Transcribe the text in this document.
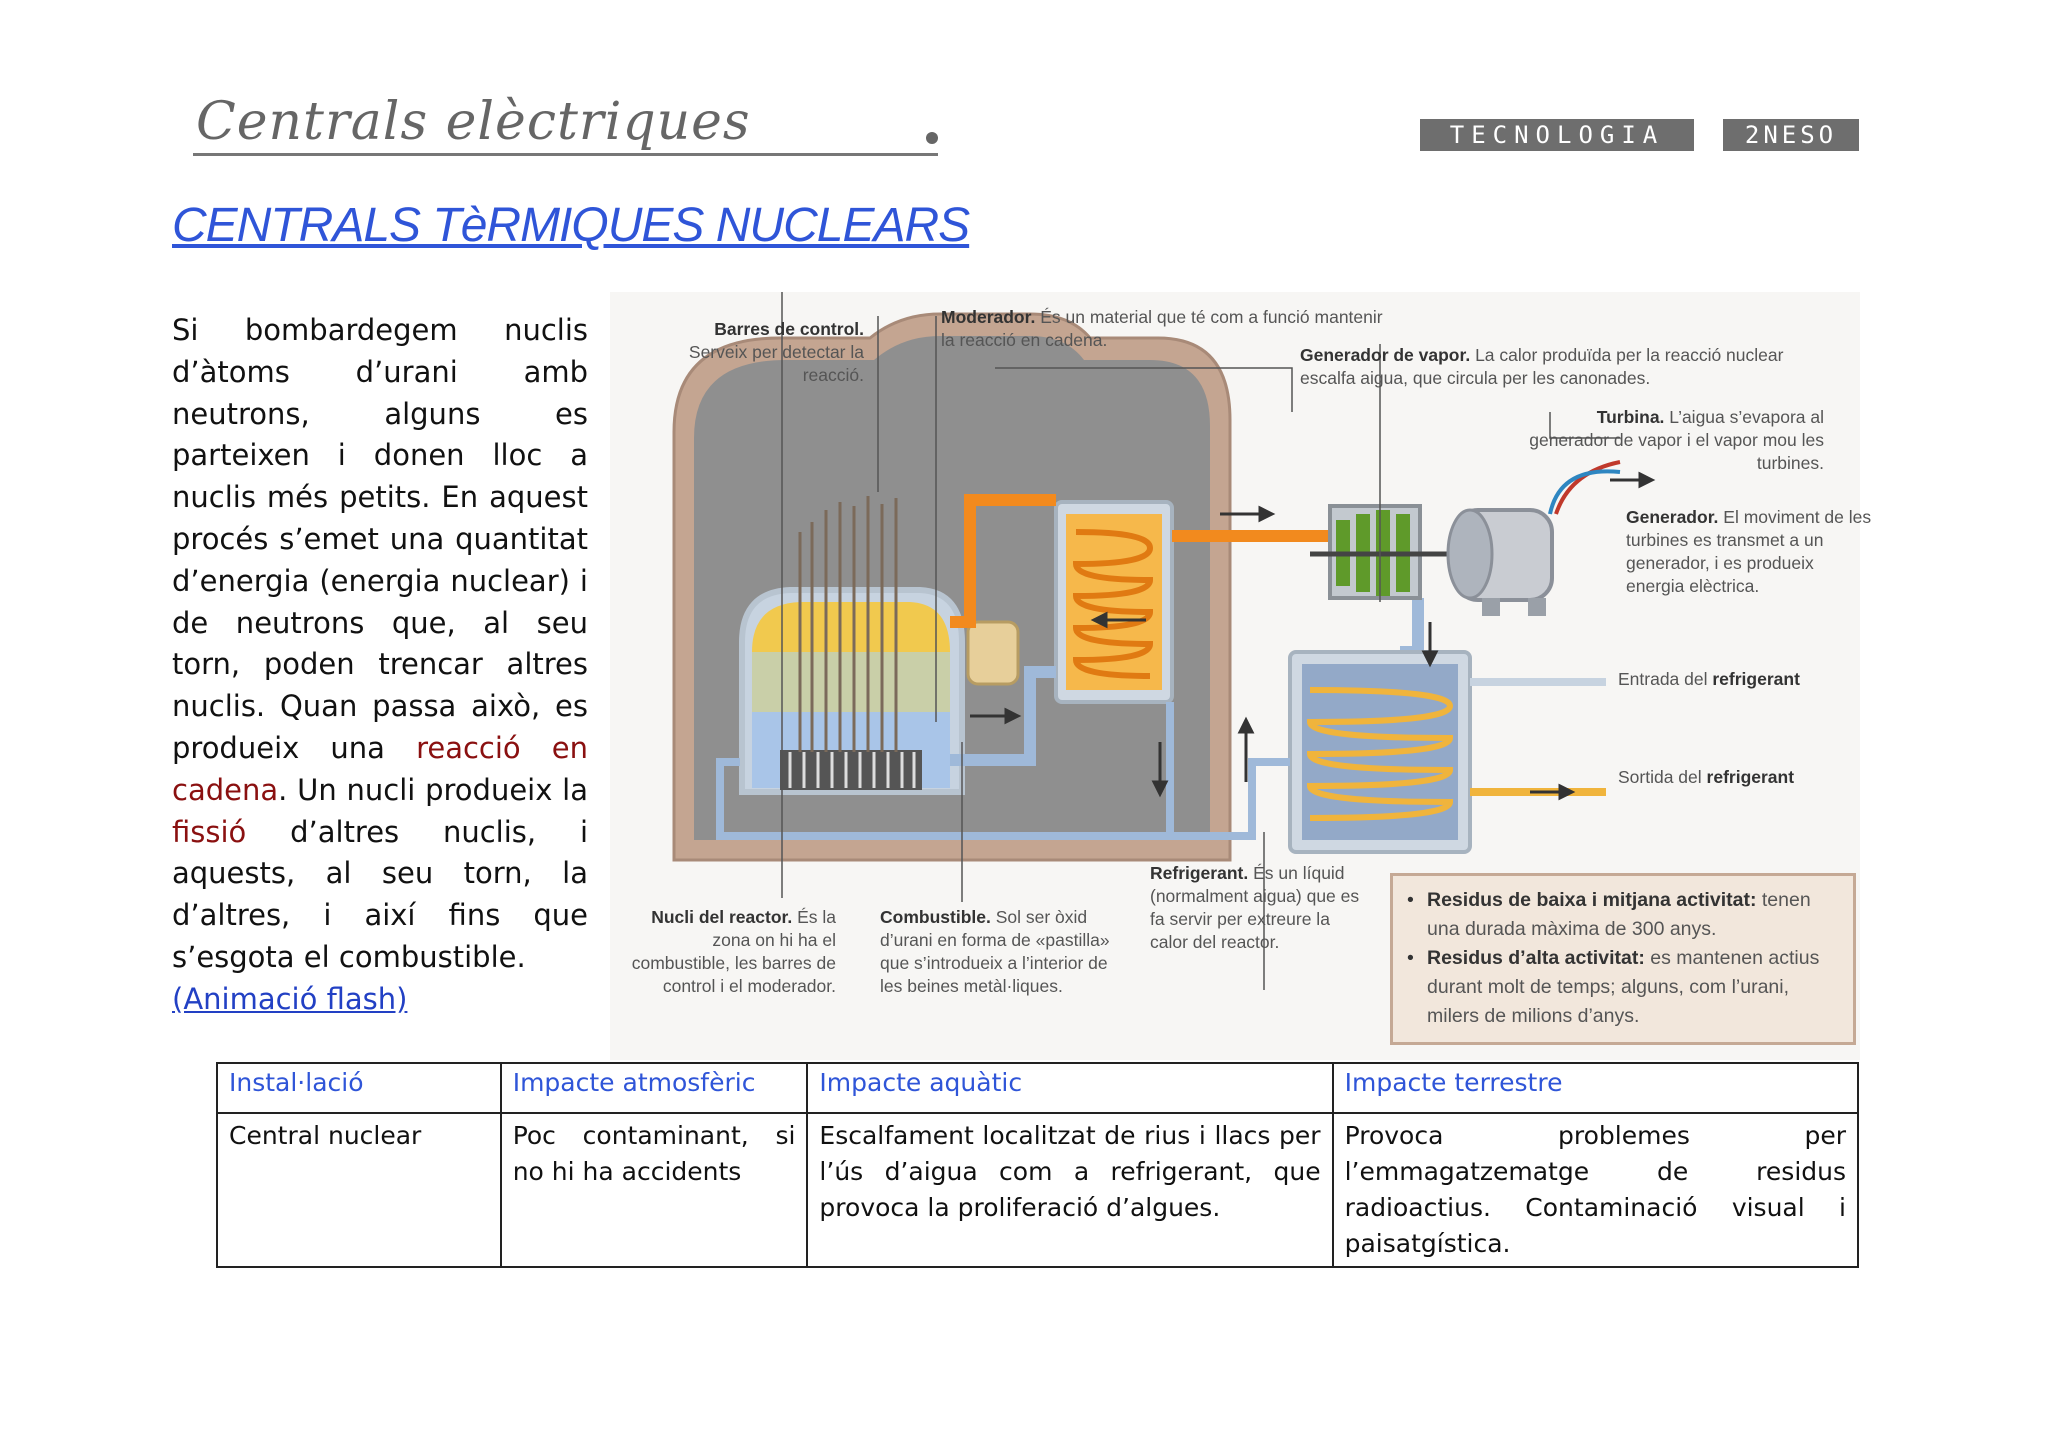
Centrals elèctriques	TECNOLOGIA	2NESO
CENTRALS TèRMIQUES NUCLEARS
Si bombardegem nuclis d’àtoms d’urani amb neutrons, alguns es parteixen i donen lloc a nuclis més petits. En aquest procés s’emet una quantitat d’energia (energia nuclear) i de neutrons que, al seu torn, poden trencar altres nuclis. Quan passa això, es produeix una reacció en cadena. Un nucli produeix la fissió d’altres nuclis, i aquests, al seu torn, la d’altres, i així fins que s’esgota el combustible.
(Animació flash)
Barres de control. Serveix per detectar la reacció.
Moderador. És un material que té com a funció mantenir la reacció en cadena.
Generador de vapor. La calor produïda per la reacció nuclear escalfa aigua, que circula per les canonades.
Turbina. L’aigua s’evapora al generador de vapor i el vapor mou les turbines.
Generador. El moviment de les turbines es transmet a un generador, i es produeix energia elèctrica.
Entrada del refrigerant
Sortida del refrigerant
Nucli del reactor. És la zona on hi ha el combustible, les barres de control i el moderador.
Combustible. Sol ser òxid d’urani en forma de «pastilla» que s’introdueix a l’interior de les beines metàl·liques.
Refrigerant. És un líquid (normalment aigua) que es fa servir per extreure la calor del reactor.
• Residus de baixa i mitjana activitat: tenen una durada màxima de 300 anys.
• Residus d’alta activitat: es mantenen actius durant molt de temps; alguns, com l’urani, milers de milions d’anys.
Instal·lació	Impacte atmosfèric	Impacte aquàtic	Impacte terrestre
Central nuclear	Poc contaminant, si no hi ha accidents	Escalfament localitzat de rius i llacs per l’ús d’aigua com a refrigerant, que provoca la proliferació d’algues.	Provoca problemes per l’emmagatzematge de residus radioactius. Contaminació visual i paisatgística.
